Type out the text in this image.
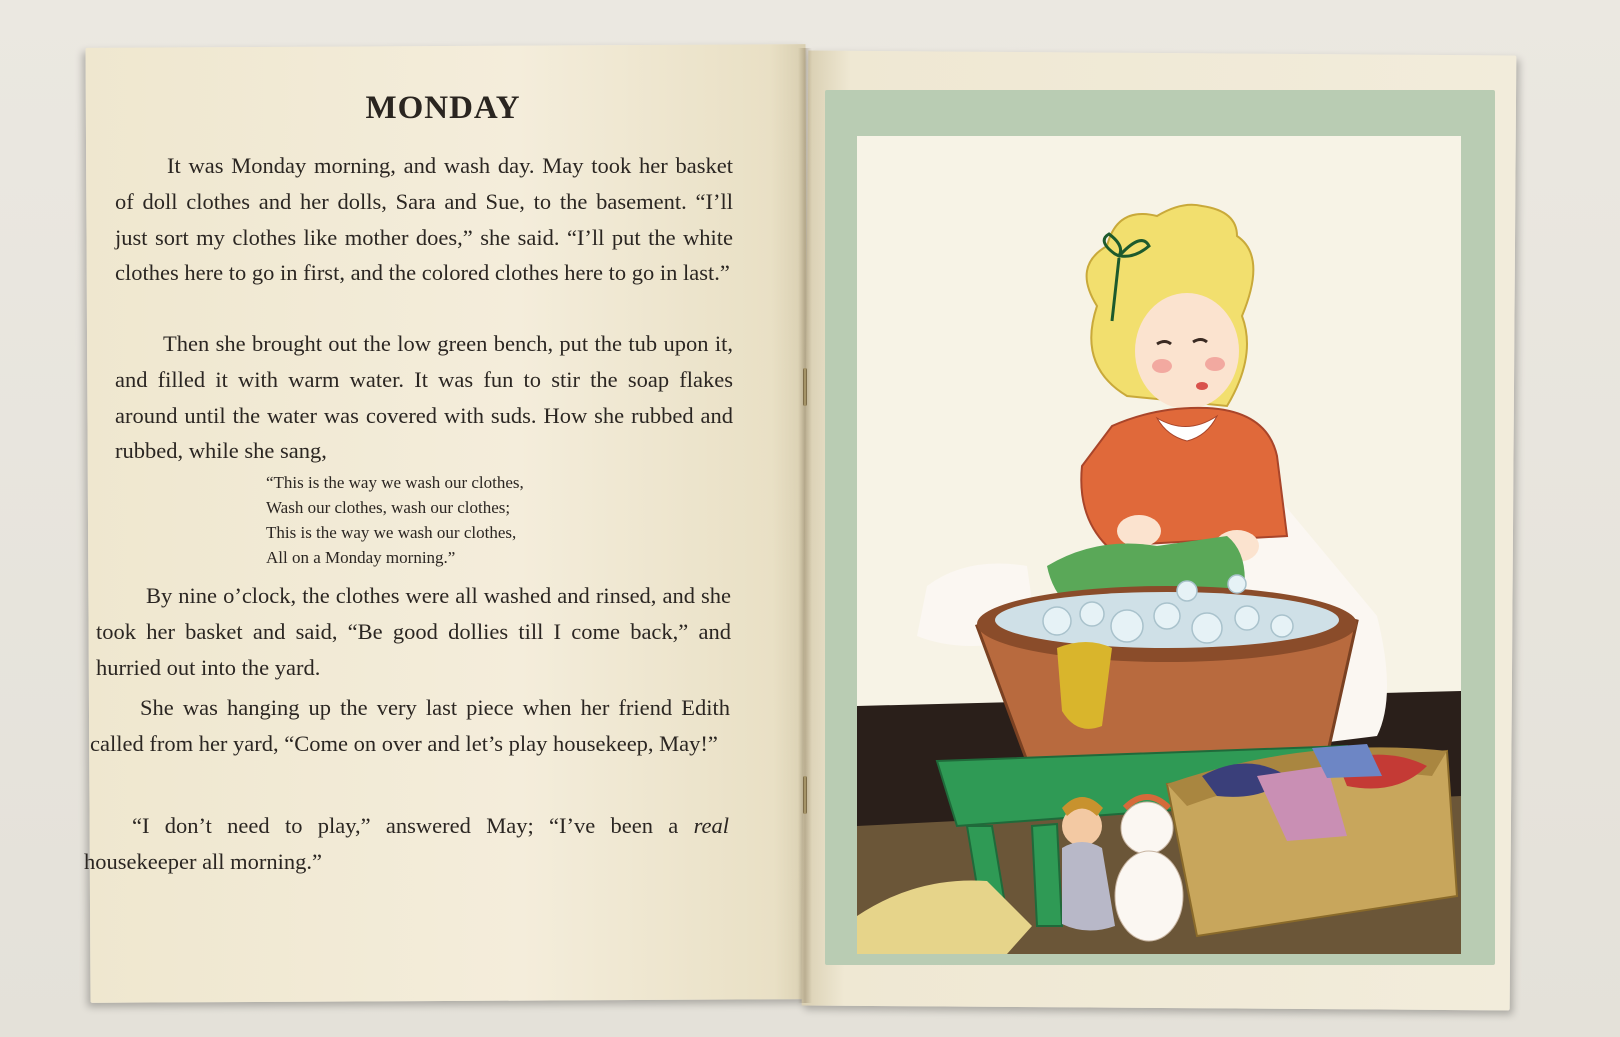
MONDAY

It was Monday morning, and wash day. May took her basket of doll clothes and her dolls, Sara and Sue, to the basement. “I’ll just sort my clothes like mother does,” she said. “I’ll put the white clothes here to go in first, and the colored clothes here to go in last.”

Then she brought out the low green bench, put the tub upon it, and filled it with warm water. It was fun to stir the soap flakes around until the water was covered with suds. How she rubbed and rubbed, while she sang,

“This is the way we wash our clothes,
Wash our clothes, wash our clothes;
This is the way we wash our clothes,
All on a Monday morning.”

By nine o’clock, the clothes were all washed and rinsed, and she took her basket and said, “Be good dollies till I come back,” and hurried out into the yard.

She was hanging up the very last piece when her friend Edith called from her yard, “Come on over and let’s play housekeep, May!”

“I don’t need to play,” answered May; “I’ve been a real housekeeper all morning.”
